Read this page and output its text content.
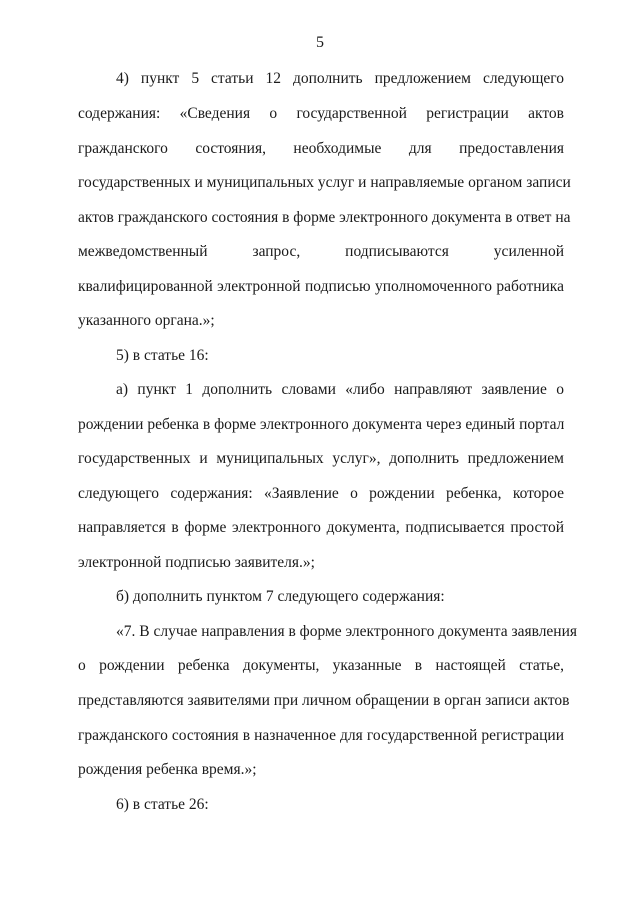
5
4) пункт 5 статьи 12 дополнить предложением следующего
содержания: «Сведения о государственной регистрации актов
гражданского состояния, необходимые для предоставления
государственных и муниципальных услуг и направляемые органом записи
актов гражданского состояния в форме электронного документа в ответ на
межведомственный запрос, подписываются усиленной
квалифицированной электронной подписью уполномоченного работника
указанного органа.»;
5) в статье 16:
а) пункт 1 дополнить словами «либо направляют заявление о
рождении ребенка в форме электронного документа через единый портал
государственных и муниципальных услуг», дополнить предложением
следующего содержания: «Заявление о рождении ребенка, которое
направляется в форме электронного документа, подписывается простой
электронной подписью заявителя.»;
б) дополнить пунктом 7 следующего содержания:
«7. В случае направления в форме электронного документа заявления
о рождении ребенка документы, указанные в настоящей статье,
представляются заявителями при личном обращении в орган записи актов
гражданского состояния в назначенное для государственной регистрации
рождения ребенка время.»;
6) в статье 26:
